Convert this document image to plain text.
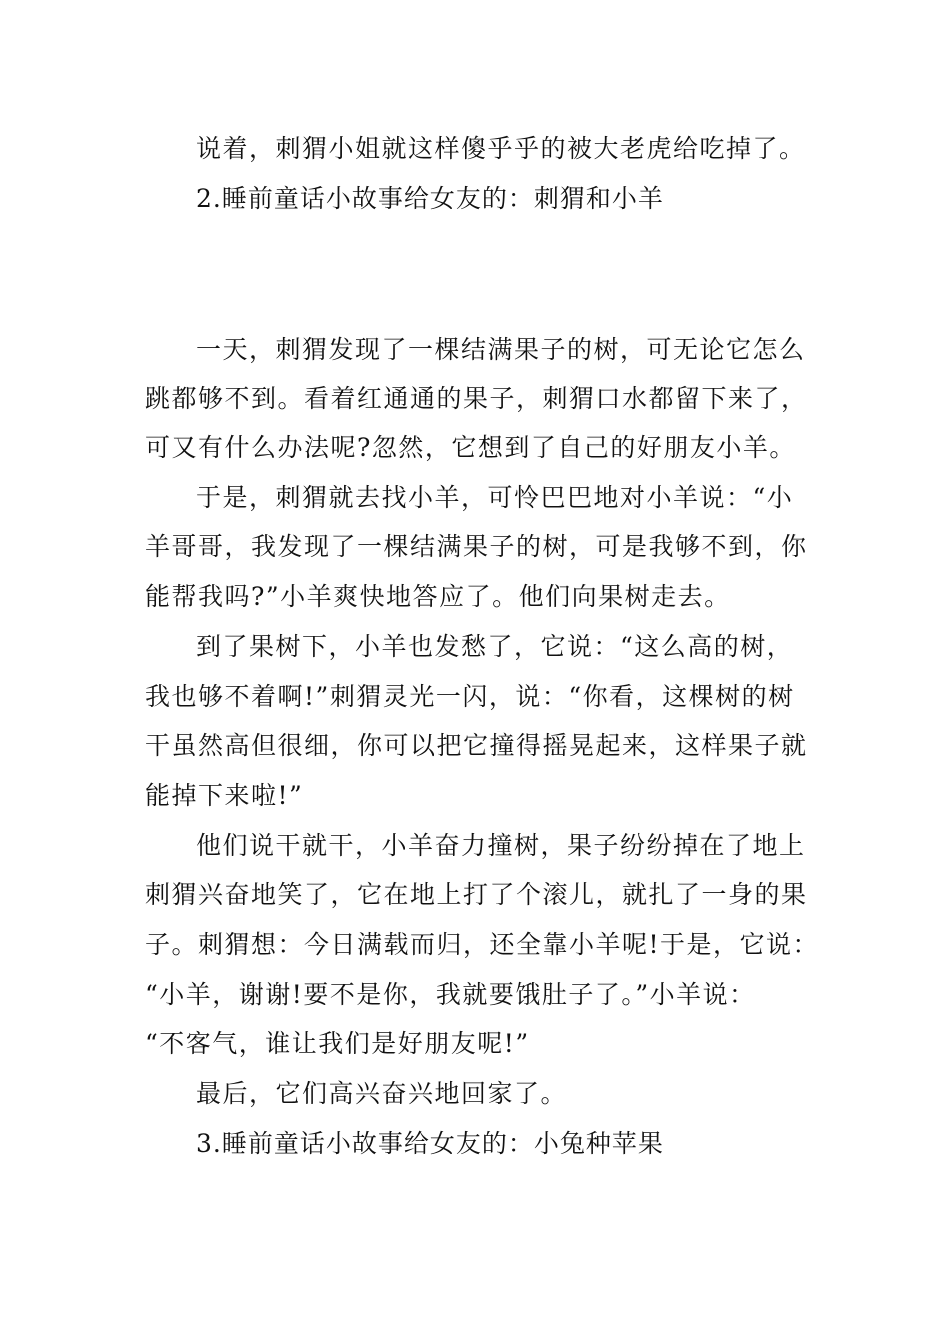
说着，刺猬小姐就这样傻乎乎的被大老虎给吃掉了。
2.睡前童话小故事给女友的：刺猬和小羊
一天，刺猬发现了一棵结满果子的树，可无论它怎么
跳都够不到。看着红通通的果子，刺猬口水都留下来了，
可又有什么办法呢?忽然，它想到了自己的好朋友小羊。
于是，刺猬就去找小羊，可怜巴巴地对小羊说：“小
羊哥哥，我发现了一棵结满果子的树，可是我够不到，你
能帮我吗?”小羊爽快地答应了。他们向果树走去。
到了果树下，小羊也发愁了，它说：“这么高的树，
我也够不着啊!”刺猬灵光一闪，说：“你看，这棵树的树
干虽然高但很细，你可以把它撞得摇晃起来，这样果子就
能掉下来啦!”
他们说干就干，小羊奋力撞树，果子纷纷掉在了地上
刺猬兴奋地笑了，它在地上打了个滚儿，就扎了一身的果
子。刺猬想：今日满载而归，还全靠小羊呢!于是，它说：
“小羊，谢谢!要不是你，我就要饿肚子了。”小羊说：
“不客气，谁让我们是好朋友呢!”
最后，它们高兴奋兴地回家了。
3.睡前童话小故事给女友的：小兔种苹果
